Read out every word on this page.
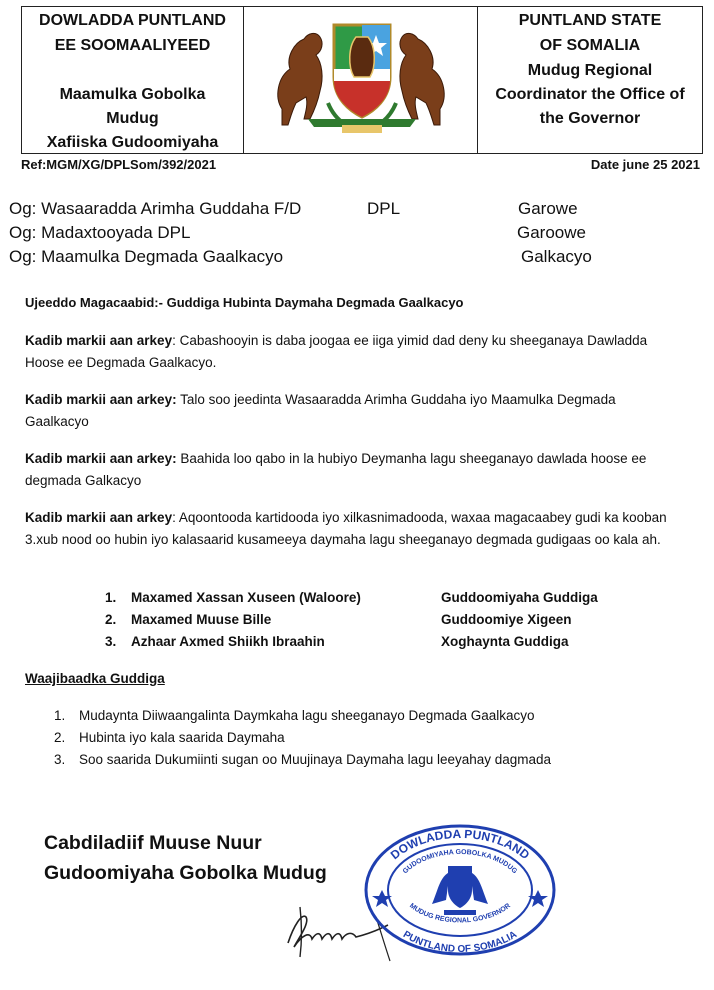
DOWLADDA PUNTLAND
EE SOOMAALIYEED
Maamulka Gobolka
Mudug
Xafiiska Gudoomiyaha
PUNTLAND STATE
OF SOMALIA
Mudug Regional
Coordinator the Office of
the Governor
Ref:MGM/XG/DPLSom/392/2021	Date june 25 2021
Og: Wasaaradda Arimha Guddaha F/D	DPL	Garowe
Og: Madaxtooyada DPL	Garoowe
Og: Maamulka Degmada Gaalkacyo	Galkacyo
Ujeeddo Magacaabid:- Guddiga Hubinta Daymaha Degmada Gaalkacyo
Kadib markii aan arkey: Cabashooyin is daba joogaa ee iiga yimid dad deny ku sheeganaya Dawladda Hoose ee Degmada Gaalkacyo.
Kadib markii aan arkey: Talo soo jeedinta Wasaaradda Arimha Guddaha iyo Maamulka Degmada Gaalkacyo
Kadib markii aan arkey: Baahida loo qabo in la hubiyo Deymanha lagu sheeganayo dawlada hoose ee degmada Galkacyo
Kadib markii aan arkey: Aqoontooda kartidooda iyo xilkasnimadooda, waxaa magacaabey gudi ka kooban 3.xub nood oo hubin iyo kalasaarid kusameeya daymaha lagu sheeganayo degmada gudigaas oo kala ah.
1. Maxamed Xassan Xuseen (Waloore)	Guddoomiyaha Guddiga
2. Maxamed Muuse Bille	Guddoomiye Xigeen
3. Azhaar Axmed Shiikh Ibraahin	Xoghaynta Guddiga
Waajibaadka Guddiga
1. Mudaynta Diiwaangalinta Daymkaha lagu sheeganayo Degmada Gaalkacyo
2. Hubinta iyo kala saarida Daymaha
3. Soo saarida Dukumiinti sugan oo Muujinaya Daymaha lagu leeyahay dagmada
Cabdiladiif Muuse Nuur
Gudoomiyaha Gobolka Mudug
DOWLADDA PUNTLAND
GUDOOMIYAHA GOBOLKA MUDUG
MUDUG REGIONAL GOVERNOR
PUNTLAND OF SOMALIA
